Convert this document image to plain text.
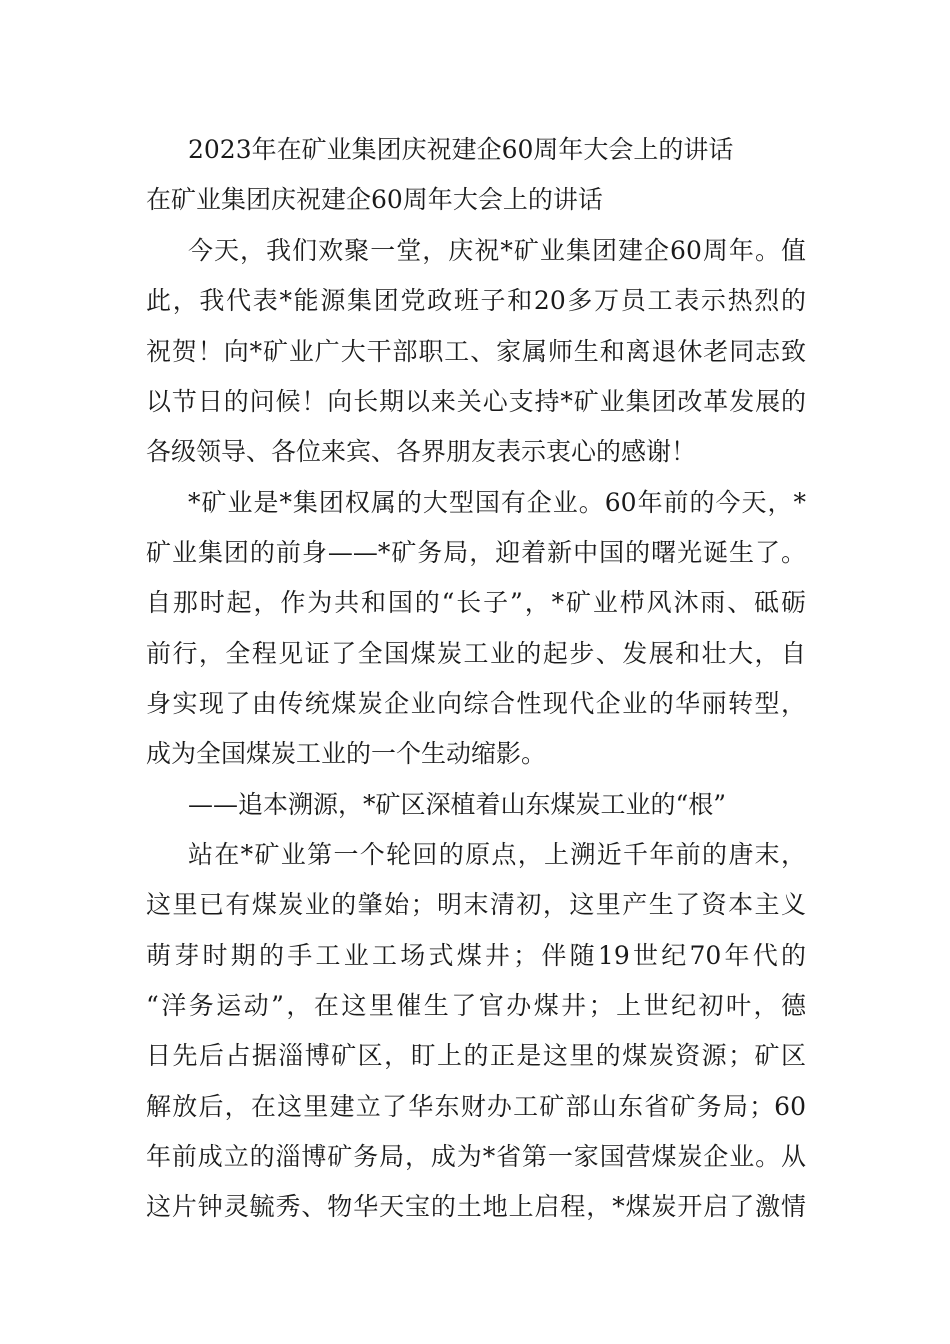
2023年在矿业集团庆祝建企60周年大会上的讲话
在矿业集团庆祝建企60周年大会上的讲话
今天，我们欢聚一堂，庆祝*矿业集团建企60周年。值
此，我代表*能源集团党政班子和20多万员工表示热烈的
祝贺！向*矿业广大干部职工、家属师生和离退休老同志致
以节日的问候！向长期以来关心支持*矿业集团改革发展的
各级领导、各位来宾、各界朋友表示衷心的感谢！
*矿业是*集团权属的大型国有企业。60年前的今天，*
矿业集团的前身——*矿务局，迎着新中国的曙光诞生了。
自那时起，作为共和国的“长子”，*矿业栉风沐雨、砥砺
前行，全程见证了全国煤炭工业的起步、发展和壮大，自
身实现了由传统煤炭企业向综合性现代企业的华丽转型，
成为全国煤炭工业的一个生动缩影。
——追本溯源，*矿区深植着山东煤炭工业的“根”
站在*矿业第一个轮回的原点，上溯近千年前的唐末，
这里已有煤炭业的肇始；明末清初，这里产生了资本主义
萌芽时期的手工业工场式煤井；伴随19世纪70年代的
“洋务运动”，在这里催生了官办煤井；上世纪初叶，德
日先后占据淄博矿区，盯上的正是这里的煤炭资源；矿区
解放后，在这里建立了华东财办工矿部山东省矿务局；60
年前成立的淄博矿务局，成为*省第一家国营煤炭企业。从
这片钟灵毓秀、物华天宝的土地上启程，*煤炭开启了激情
